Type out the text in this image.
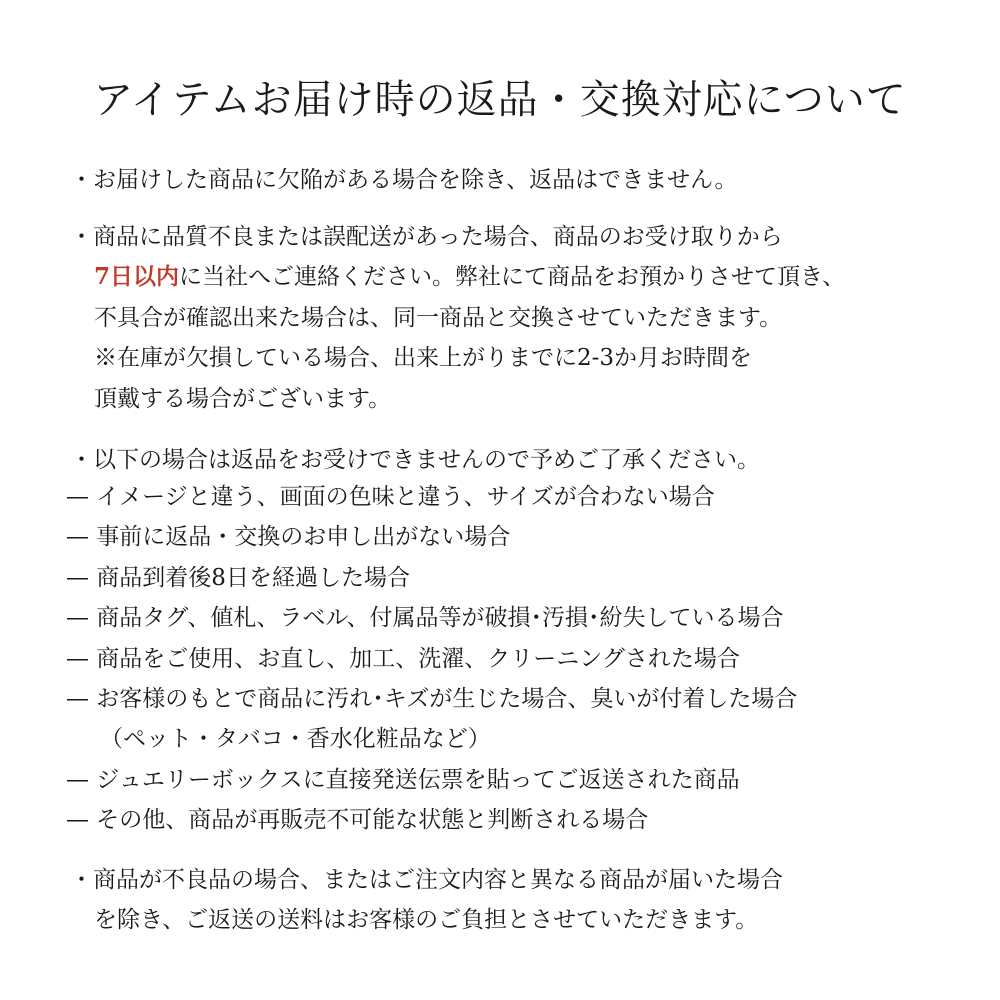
アイテムお届け時の返品・交換対応について
・お届けした商品に欠陥がある場合を除き、返品はできません。
・商品に品質不良または誤配送があった場合、商品のお受け取りから
7日以内に当社へご連絡ください。弊社にて商品をお預かりさせて頂き、
不具合が確認出来た場合は、同一商品と交換させていただきます。
※在庫が欠損している場合、出来上がりまでに2-3か月お時間を
頂戴する場合がございます。
・以下の場合は返品をお受けできませんので予めご了承ください。
— イメージと違う、画面の色味と違う、サイズが合わない場合
— 事前に返品・交換のお申し出がない場合
— 商品到着後8日を経過した場合
— 商品タグ、値札、ラベル、付属品等が破損･汚損･紛失している場合
— 商品をご使用、お直し、加工、洗濯、クリーニングされた場合
— お客様のもとで商品に汚れ･キズが生じた場合、臭いが付着した場合
（ペット・タバコ・香水化粧品など）
— ジュエリーボックスに直接発送伝票を貼ってご返送された商品
— その他、商品が再販売不可能な状態と判断される場合
・商品が不良品の場合、またはご注文内容と異なる商品が届いた場合
を除き、ご返送の送料はお客様のご負担とさせていただきます。
